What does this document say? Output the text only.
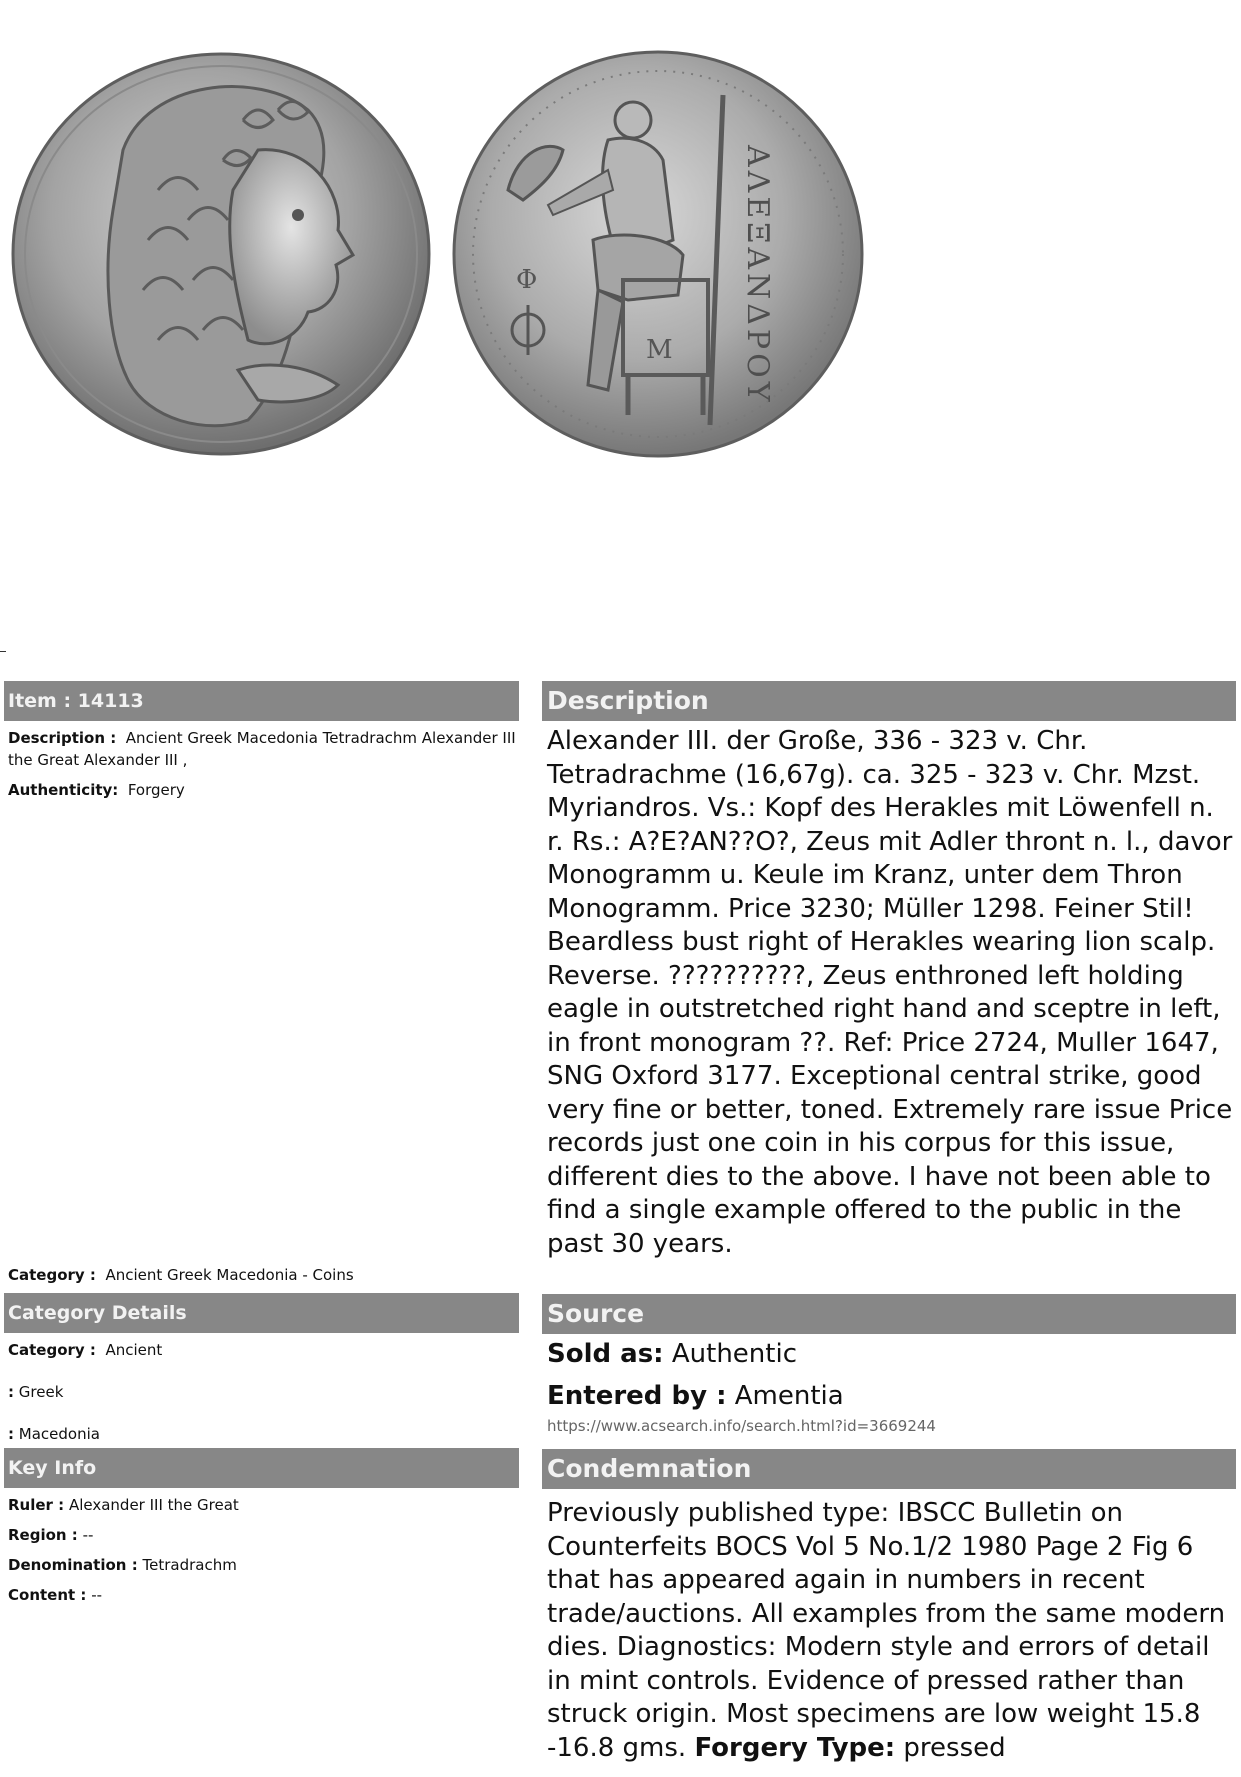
M
Φ	ΑΛΕΞΑΝΔΡΟΥ
Item : 14113
Description : Ancient Greek Macedonia Tetradrachm Alexander III the Great Alexander III ,
Authenticity: Forgery
Category : Ancient Greek Macedonia - Coins
Category Details
Category : Ancient
: Greek
: Macedonia
Key Info
Ruler : Alexander III the Great
Region : --
Denomination : Tetradrachm
Content : --
Description
Alexander III. der Große, 336 - 323 v. Chr. Tetradrachme (16,67g). ca. 325 - 323 v. Chr. Mzst. Myriandros. Vs.: Kopf des Herakles mit Löwenfell n. r. Rs.: A?E?AN??O?, Zeus mit Adler thront n. l., davor Monogramm u. Keule im Kranz, unter dem Thron Monogramm. Price 3230; Müller 1298. Feiner Stil! Beardless bust right of Herakles wearing lion scalp. Reverse. ??????????, Zeus enthroned left holding eagle in outstretched right hand and sceptre in left, in front monogram ??. Ref: Price 2724, Muller 1647, SNG Oxford 3177. Exceptional central strike, good very fine or better, toned. Extremely rare issue Price records just one coin in his corpus for this issue, different dies to the above. I have not been able to find a single example offered to the public in the past 30 years.
Source
Sold as: Authentic
Entered by : Amentia
https://www.acsearch.info/search.html?id=3669244
Condemnation
Previously published type: IBSCC Bulletin on Counterfeits BOCS Vol 5 No.1/2 1980 Page 2 Fig 6 that has appeared again in numbers in recent trade/auctions. All examples from the same modern dies. Diagnostics: Modern style and errors of detail in mint controls. Evidence of pressed rather than struck origin. Most specimens are low weight 15.8 -16.8 gms. Forgery Type: pressed
